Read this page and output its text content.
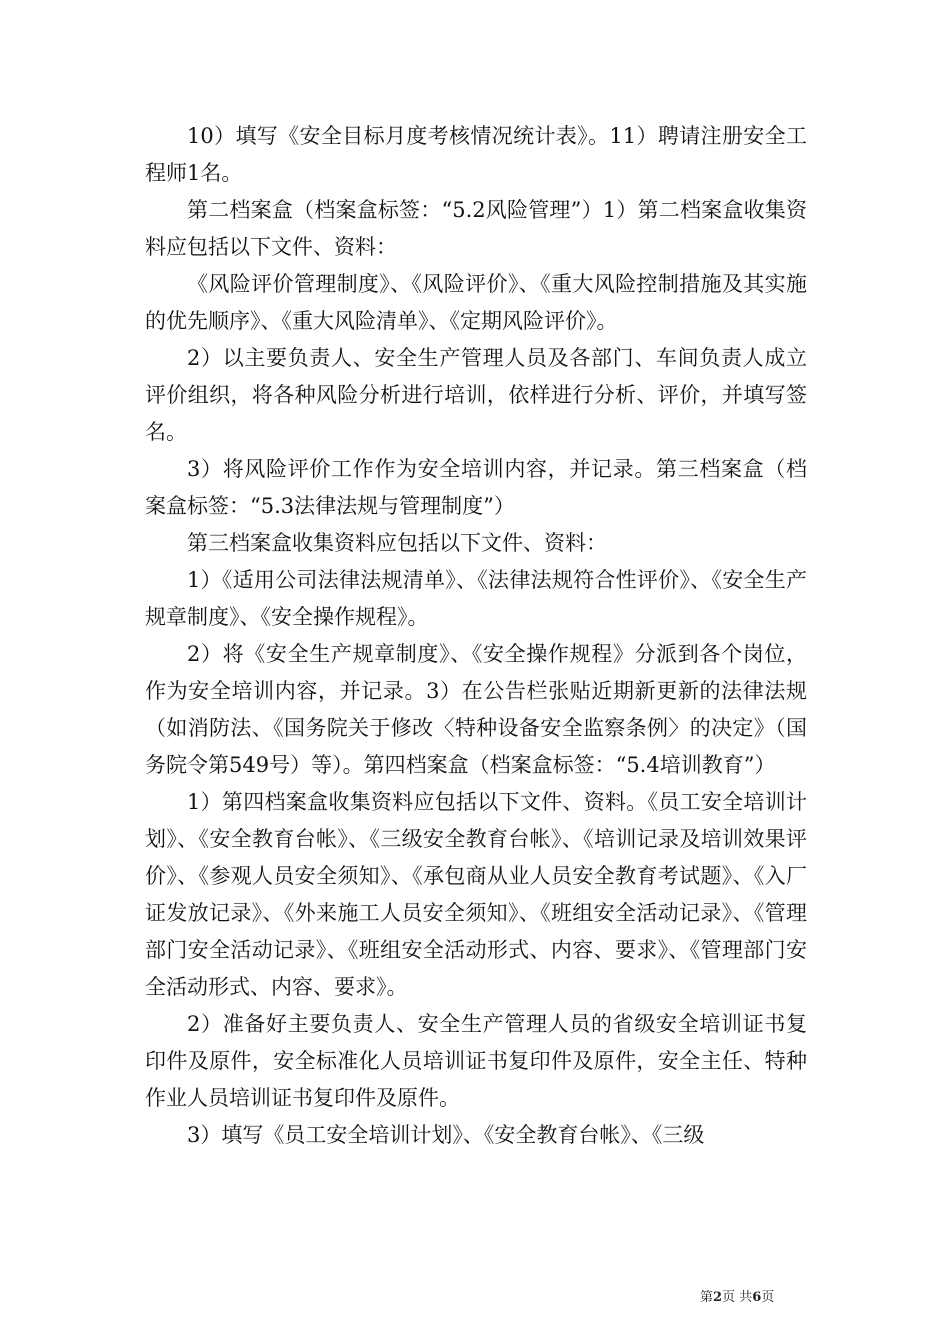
10）填写《安全目标月度考核情况统计表》。11）聘请注册安全工程师1名。

第二档案盒（档案盒标签：“5.2风险管理”）1）第二档案盒收集资料应包括以下文件、资料：

《风险评价管理制度》、《风险评价》、《重大风险控制措施及其实施的优先顺序》、《重大风险清单》、《定期风险评价》。

2）以主要负责人、安全生产管理人员及各部门、车间负责人成立评价组织，将各种风险分析进行培训，依样进行分析、评价，并填写签名。

3）将风险评价工作作为安全培训内容，并记录。第三档案盒（档案盒标签：“5.3法律法规与管理制度”）

第三档案盒收集资料应包括以下文件、资料：

1）《适用公司法律法规清单》、《法律法规符合性评价》、《安全生产规章制度》、《安全操作规程》。

2）将《安全生产规章制度》、《安全操作规程》分派到各个岗位，作为安全培训内容，并记录。3）在公告栏张贴近期新更新的法律法规（如消防法、《国务院关于修改〈特种设备安全监察条例〉的决定》（国务院令第549号）等）。第四档案盒（档案盒标签：“5.4培训教育”）

1）第四档案盒收集资料应包括以下文件、资料。《员工安全培训计划》、《安全教育台帐》、《三级安全教育台帐》、《培训记录及培训效果评价》、《参观人员安全须知》、《承包商从业人员安全教育考试题》、《入厂证发放记录》、《外来施工人员安全须知》、《班组安全活动记录》、《管理部门安全活动记录》、《班组安全活动形式、内容、要求》、《管理部门安全活动形式、内容、要求》。

2）准备好主要负责人、安全生产管理人员的省级安全培训证书复印件及原件，安全标准化人员培训证书复印件及原件，安全主任、特种作业人员培训证书复印件及原件。

3）填写《员工安全培训计划》、《安全教育台帐》、《三级

第2页 共6页
